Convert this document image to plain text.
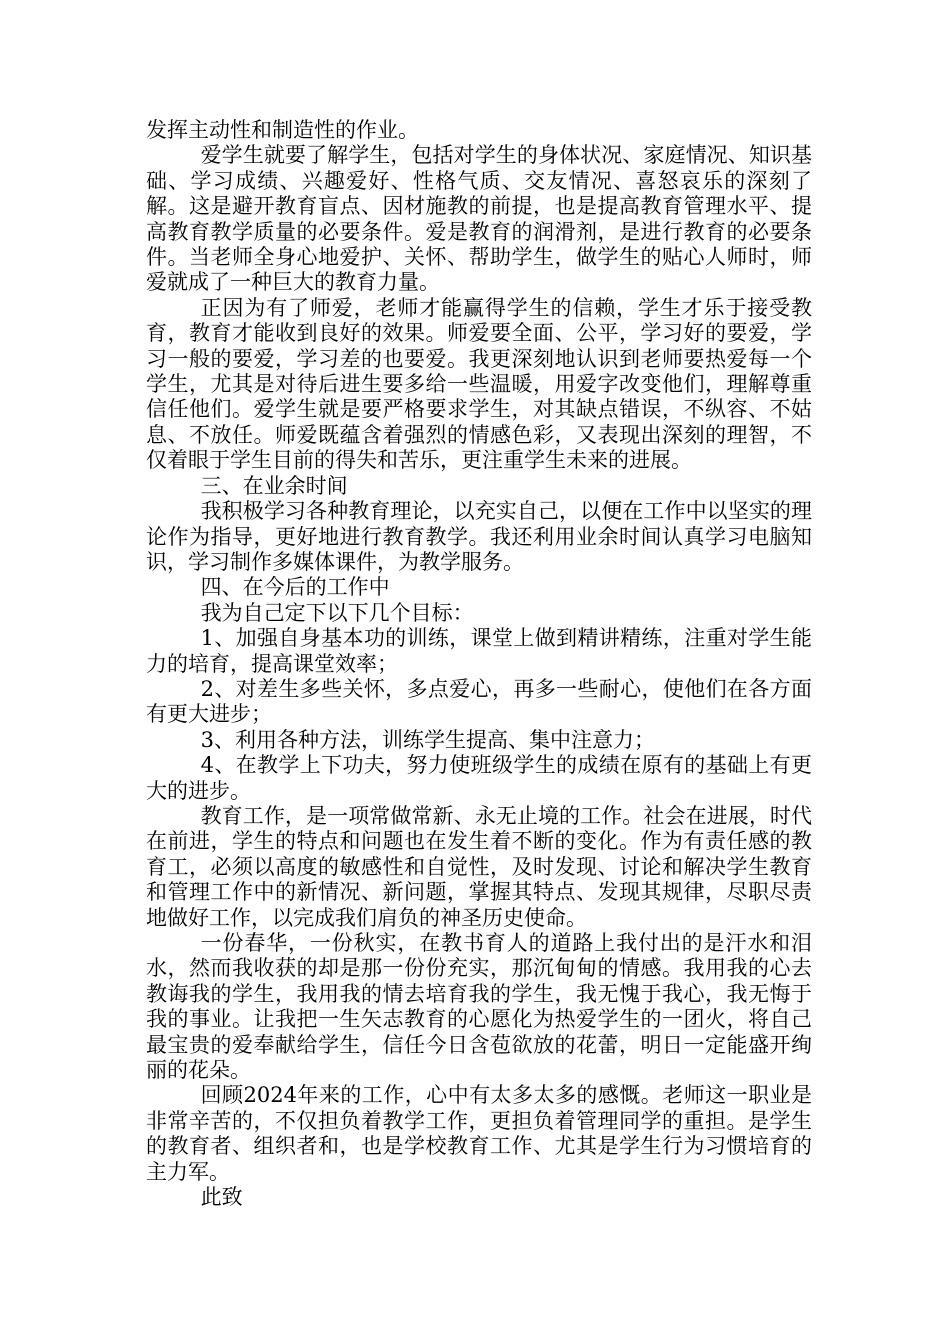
发挥主动性和制造性的作业。

爱学生就要了解学生，包括对学生的身体状况、家庭情况、知识基础、学习成绩、兴趣爱好、性格气质、交友情况、喜怒哀乐的深刻了解。这是避开教育盲点、因材施教的前提，也是提高教育管理水平、提高教育教学质量的必要条件。爱是教育的润滑剂，是进行教育的必要条件。当老师全身心地爱护、关怀、帮助学生，做学生的贴心人师时，师爱就成了一种巨大的教育力量。

正因为有了师爱，老师才能赢得学生的信赖，学生才乐于接受教育，教育才能收到良好的效果。师爱要全面、公平，学习好的要爱，学习一般的要爱，学习差的也要爱。我更深刻地认识到老师要热爱每一个学生，尤其是对待后进生要多给一些温暖，用爱字改变他们，理解尊重信任他们。爱学生就是要严格要求学生，对其缺点错误，不纵容、不姑息、不放任。师爱既蕴含着强烈的情感色彩，又表现出深刻的理智，不仅着眼于学生目前的得失和苦乐，更注重学生未来的进展。

三、在业余时间

我积极学习各种教育理论，以充实自己，以便在工作中以坚实的理论作为指导，更好地进行教育教学。我还利用业余时间认真学习电脑知识，学习制作多媒体课件，为教学服务。

四、在今后的工作中

我为自己定下以下几个目标：

1、加强自身基本功的训练，课堂上做到精讲精练，注重对学生能力的培育，提高课堂效率；

2、对差生多些关怀，多点爱心，再多一些耐心，使他们在各方面有更大进步；

3、利用各种方法，训练学生提高、集中注意力；

4、在教学上下功夫，努力使班级学生的成绩在原有的基础上有更大的进步。

教育工作，是一项常做常新、永无止境的工作。社会在进展，时代在前进，学生的特点和问题也在发生着不断的变化。作为有责任感的教育工，必须以高度的敏感性和自觉性，及时发现、讨论和解决学生教育和管理工作中的新情况、新问题，掌握其特点、发现其规律，尽职尽责地做好工作，以完成我们肩负的神圣历史使命。

一份春华，一份秋实，在教书育人的道路上我付出的是汗水和泪水，然而我收获的却是那一份份充实，那沉甸甸的情感。我用我的心去教诲我的学生，我用我的情去培育我的学生，我无愧于我心，我无悔于我的事业。让我把一生矢志教育的心愿化为热爱学生的一团火，将自己最宝贵的爱奉献给学生，信任今日含苞欲放的花蕾，明日一定能盛开绚丽的花朵。

回顾2024年来的工作，心中有太多太多的感慨。老师这一职业是非常辛苦的，不仅担负着教学工作，更担负着管理同学的重担。是学生的教育者、组织者和，也是学校教育工作、尤其是学生行为习惯培育的主力军。

此致
